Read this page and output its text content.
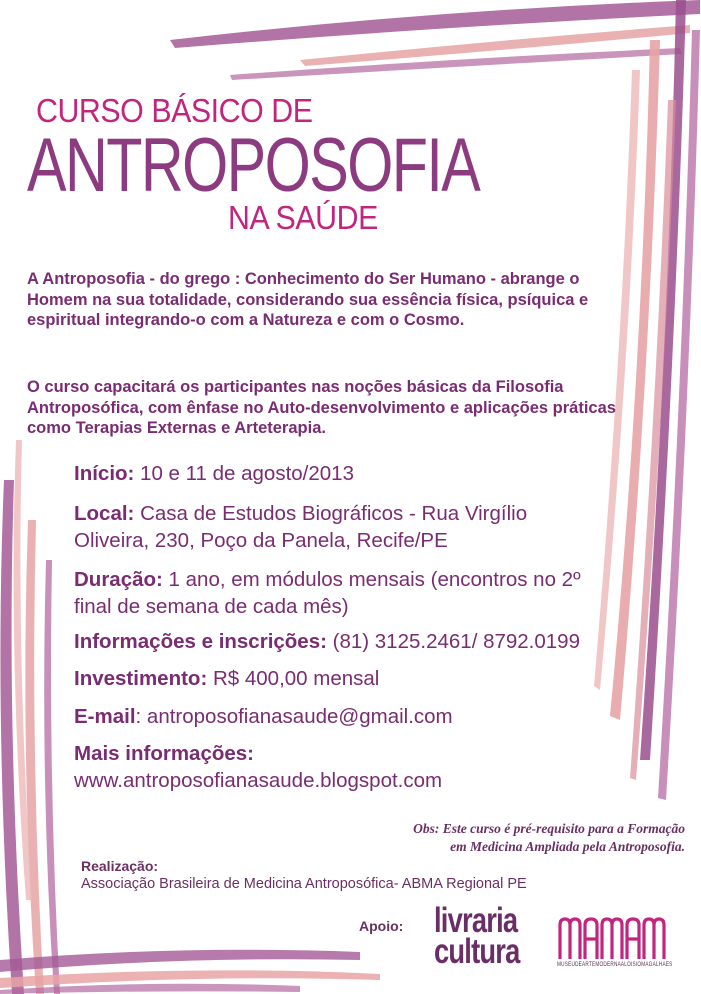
CURSO BÁSICO DE
ANTROPOSOFIA
NA SAÚDE
A Antroposofia - do grego : Conhecimento do Ser Humano - abrange o Homem na sua totalidade, considerando sua essência física, psíquica e espiritual integrando-o com a Natureza e com o Cosmo.
O curso capacitará os participantes nas noções básicas da Filosofia Antroposófica, com ênfase no Auto-desenvolvimento e aplicações práticas como Terapias Externas e Arteterapia.
Início: 10 e 11 de agosto/2013
Local: Casa de Estudos Biográficos - Rua Virgílio
Oliveira, 230, Poço da Panela, Recife/PE
Duração: 1 ano, em módulos mensais (encontros no 2º
final de semana de cada mês)
Informações e inscrições: (81) 3125.2461/ 8792.0199
Investimento: R$ 400,00 mensal
E-mail: antroposofianasaude@gmail.com
Mais informações:
www.antroposofianasaude.blogspot.com
Obs: Este curso é pré-requisito para a Formação
em Medicina Ampliada pela Antroposofia.
Realização:
Associação Brasileira de Medicina Antroposófica- ABMA Regional PE
Apoio: livraria
cultura	MUSEUDEARTEMODERNAALOISIOMAGALHÃES
